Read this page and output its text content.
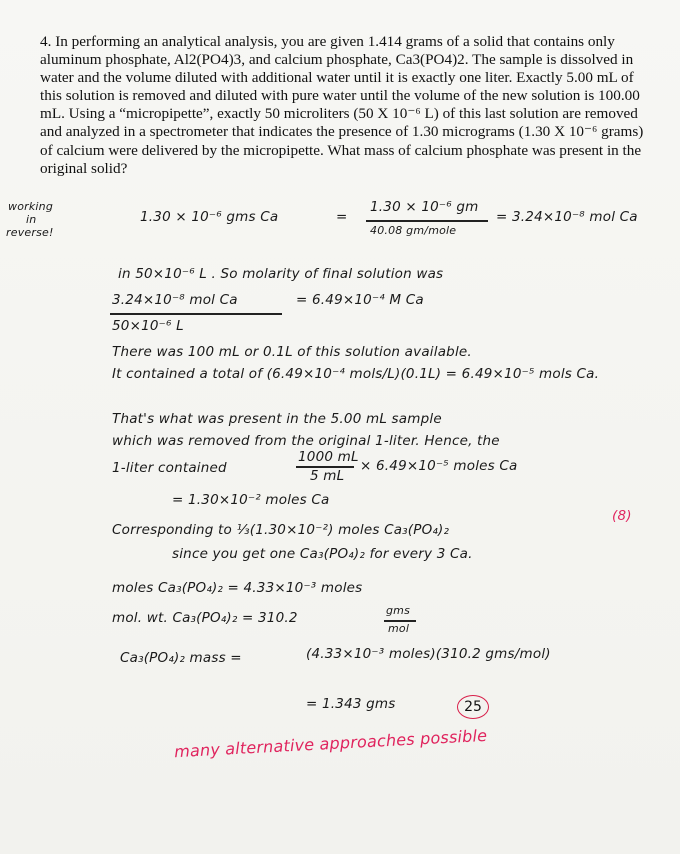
4. In performing an analytical analysis, you are given 1.414 grams of a solid that contains only aluminum phosphate, Al2(PO4)3, and calcium phosphate, Ca3(PO4)2. The sample is dissolved in water and the volume diluted with additional water until it is exactly one liter. Exactly 5.00 mL of this solution is removed and diluted with pure water until the volume of the new solution is 100.00 mL. Using a “micropipette”, exactly 50 microliters (50 X 10⁻⁶ L) of this last solution are removed and analyzed in a spectrometer that indicates the presence of 1.30 micrograms (1.30 X 10⁻⁶ grams) of calcium were delivered by the micropipette. What mass of calcium phosphate was present in the original solid?

working
in
reverse!
1.30 × 10⁻⁶ gms Ca	=
1.30 × 10⁻⁶ gm
40.08 gm/mole
= 3.24×10⁻⁸ mol Ca
in 50×10⁻⁶ L . So molarity of final solution was
3.24×10⁻⁸ mol Ca
50×10⁻⁶ L
= 6.49×10⁻⁴ M Ca
There was 100 mL or 0.1L of this solution available.
It contained a total of (6.49×10⁻⁴ mols/L)(0.1L) = 6.49×10⁻⁵ mols Ca.
That's what was present in the 5.00 mL sample
which was removed from the original 1-liter. Hence, the
1-liter contained
1000 mL
5 mL
× 6.49×10⁻⁵ moles Ca
= 1.30×10⁻² moles Ca
Corresponding to ⅓(1.30×10⁻²) moles Ca₃(PO₄)₂
(8)
since you get one Ca₃(PO₄)₂ for every 3 Ca.
moles Ca₃(PO₄)₂ = 4.33×10⁻³ moles
mol. wt. Ca₃(PO₄)₂ = 310.2	gms
mol
Ca₃(PO₄)₂ mass =	(4.33×10⁻³ moles)(310.2 gms/mol)
= 1.343 gms	25
many alternative approaches possible
